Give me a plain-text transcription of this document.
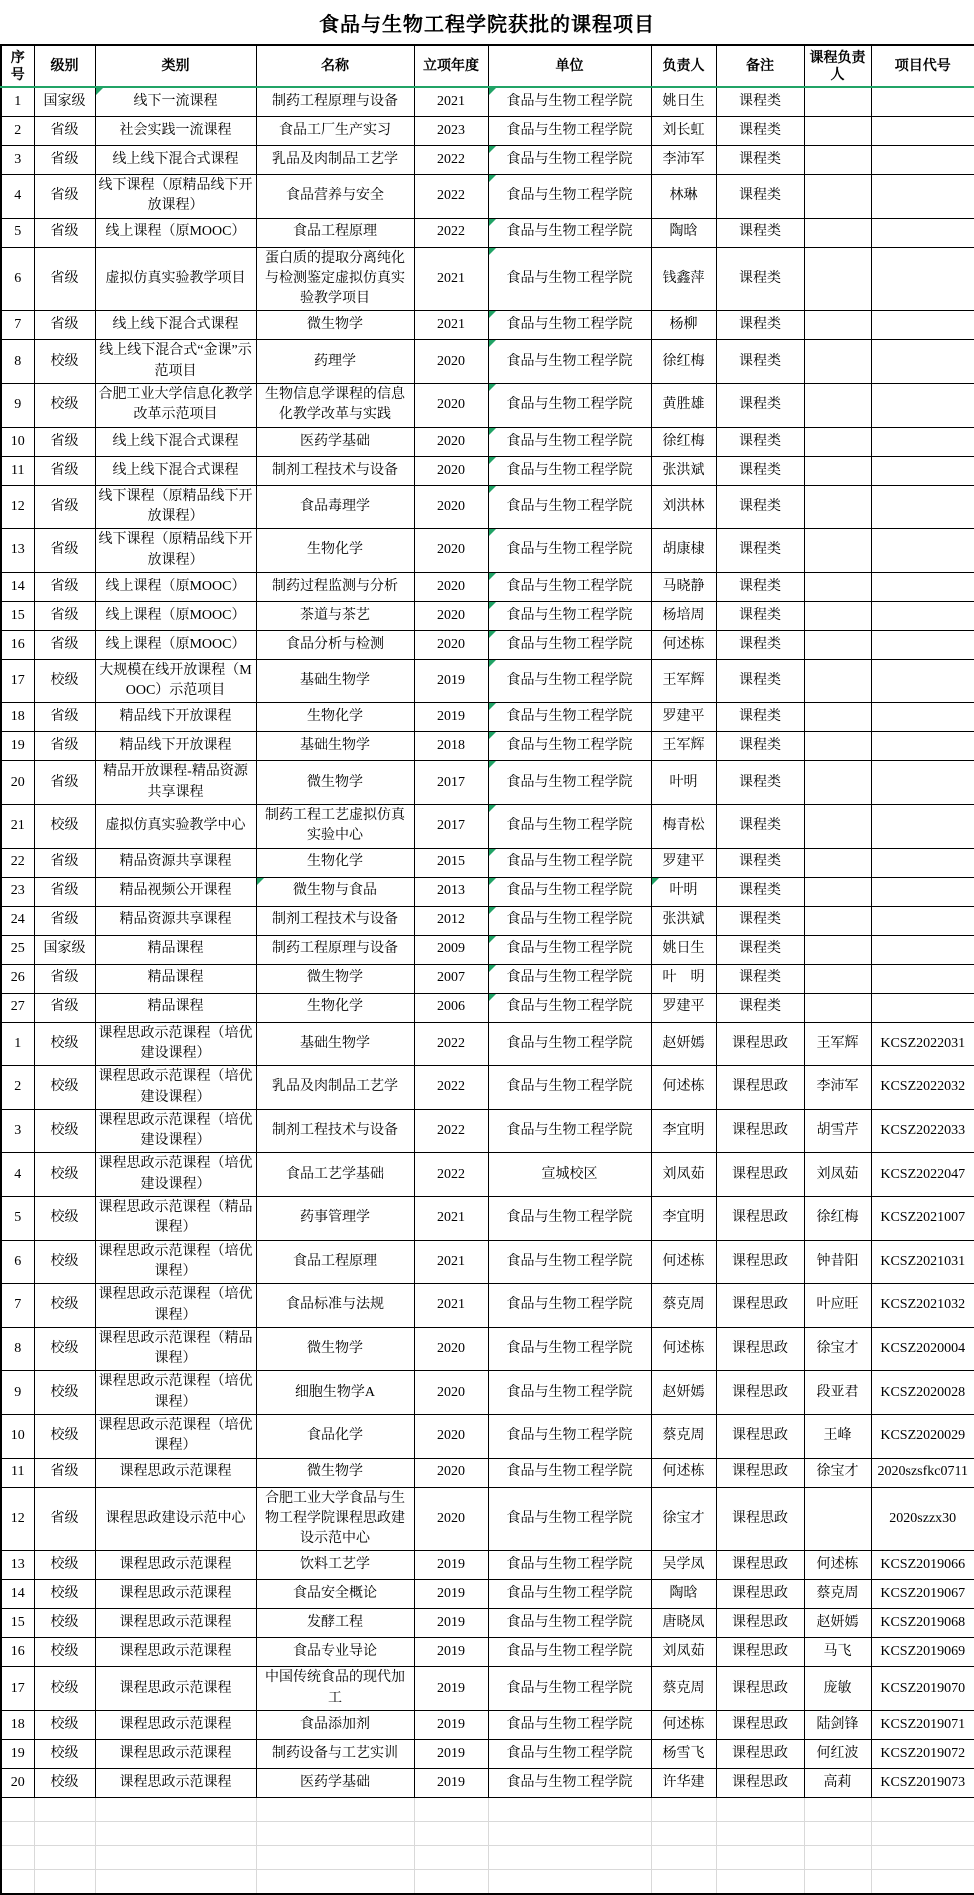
食品与生物工程学院获批的课程项目
序号	级别	类别	名称	立项年度	单位	负责人	备注	课程负责人	项目代号
1	国家级	线下一流课程	制药工程原理与设备	2021	食品与生物工程学院	姚日生	课程类		
2	省级	社会实践一流课程	食品工厂生产实习	2023	食品与生物工程学院	刘长虹	课程类		
3	省级	线上线下混合式课程	乳品及肉制品工艺学	2022	食品与生物工程学院	李沛军	课程类		
4	省级	线下课程（原精品线下开放课程）	食品营养与安全	2022	食品与生物工程学院	林琳	课程类		
5	省级	线上课程（原MOOC）	食品工程原理	2022	食品与生物工程学院	陶晗	课程类		
6	省级	虚拟仿真实验教学项目	蛋白质的提取分离纯化与检测鉴定虚拟仿真实验教学项目	2021	食品与生物工程学院	钱鑫萍	课程类		
7	省级	线上线下混合式课程	微生物学	2021	食品与生物工程学院	杨柳	课程类		
8	校级	线上线下混合式“金课”示范项目	药理学	2020	食品与生物工程学院	徐红梅	课程类		
9	校级	合肥工业大学信息化教学改革示范项目	生物信息学课程的信息化教学改革与实践	2020	食品与生物工程学院	黄胜雄	课程类		
10	省级	线上线下混合式课程	医药学基础	2020	食品与生物工程学院	徐红梅	课程类		
11	省级	线上线下混合式课程	制剂工程技术与设备	2020	食品与生物工程学院	张洪斌	课程类		
12	省级	线下课程（原精品线下开放课程）	食品毒理学	2020	食品与生物工程学院	刘洪林	课程类		
13	省级	线下课程（原精品线下开放课程）	生物化学	2020	食品与生物工程学院	胡康棣	课程类		
14	省级	线上课程（原MOOC）	制药过程监测与分析	2020	食品与生物工程学院	马晓静	课程类		
15	省级	线上课程（原MOOC）	茶道与茶艺	2020	食品与生物工程学院	杨培周	课程类		
16	省级	线上课程（原MOOC）	食品分析与检测	2020	食品与生物工程学院	何述栋	课程类		
17	校级	大规模在线开放课程（MOOC）示范项目	基础生物学	2019	食品与生物工程学院	王军辉	课程类		
18	省级	精品线下开放课程	生物化学	2019	食品与生物工程学院	罗建平	课程类		
19	省级	精品线下开放课程	基础生物学	2018	食品与生物工程学院	王军辉	课程类		
20	省级	精品开放课程-精品资源共享课程	微生物学	2017	食品与生物工程学院	叶明	课程类		
21	校级	虚拟仿真实验教学中心	制药工程工艺虚拟仿真实验中心	2017	食品与生物工程学院	梅青松	课程类		
22	省级	精品资源共享课程	生物化学	2015	食品与生物工程学院	罗建平	课程类		
23	省级	精品视频公开课程	微生物与食品	2013	食品与生物工程学院	叶明	课程类		
24	省级	精品资源共享课程	制剂工程技术与设备	2012	食品与生物工程学院	张洪斌	课程类		
25	国家级	精品课程	制药工程原理与设备	2009	食品与生物工程学院	姚日生	课程类		
26	省级	精品课程	微生物学	2007	食品与生物工程学院	叶　明	课程类		
27	省级	精品课程	生物化学	2006	食品与生物工程学院	罗建平	课程类		
1	校级	课程思政示范课程（培优建设课程）	基础生物学	2022	食品与生物工程学院	赵妍嫣	课程思政	王军辉	KCSZ2022031
2	校级	课程思政示范课程（培优建设课程）	乳品及肉制品工艺学	2022	食品与生物工程学院	何述栋	课程思政	李沛军	KCSZ2022032
3	校级	课程思政示范课程（培优建设课程）	制剂工程技术与设备	2022	食品与生物工程学院	李宜明	课程思政	胡雪芹	KCSZ2022033
4	校级	课程思政示范课程（培优建设课程）	食品工艺学基础	2022	宣城校区	刘凤茹	课程思政	刘凤茹	KCSZ2022047
5	校级	课程思政示范课程（精品课程）	药事管理学	2021	食品与生物工程学院	李宜明	课程思政	徐红梅	KCSZ2021007
6	校级	课程思政示范课程（培优课程）	食品工程原理	2021	食品与生物工程学院	何述栋	课程思政	钟昔阳	KCSZ2021031
7	校级	课程思政示范课程（培优课程）	食品标准与法规	2021	食品与生物工程学院	蔡克周	课程思政	叶应旺	KCSZ2021032
8	校级	课程思政示范课程（精品课程）	微生物学	2020	食品与生物工程学院	何述栋	课程思政	徐宝才	KCSZ2020004
9	校级	课程思政示范课程（培优课程）	细胞生物学A	2020	食品与生物工程学院	赵妍嫣	课程思政	段亚君	KCSZ2020028
10	校级	课程思政示范课程（培优课程）	食品化学	2020	食品与生物工程学院	蔡克周	课程思政	王峰	KCSZ2020029
11	省级	课程思政示范课程	微生物学	2020	食品与生物工程学院	何述栋	课程思政	徐宝才	2020szsfkc0711
12	省级	课程思政建设示范中心	合肥工业大学食品与生物工程学院课程思政建设示范中心	2020	食品与生物工程学院	徐宝才	课程思政		2020szzx30
13	校级	课程思政示范课程	饮料工艺学	2019	食品与生物工程学院	吴学凤	课程思政	何述栋	KCSZ2019066
14	校级	课程思政示范课程	食品安全概论	2019	食品与生物工程学院	陶晗	课程思政	蔡克周	KCSZ2019067
15	校级	课程思政示范课程	发酵工程	2019	食品与生物工程学院	唐晓凤	课程思政	赵妍嫣	KCSZ2019068
16	校级	课程思政示范课程	食品专业导论	2019	食品与生物工程学院	刘凤茹	课程思政	马飞	KCSZ2019069
17	校级	课程思政示范课程	中国传统食品的现代加工	2019	食品与生物工程学院	蔡克周	课程思政	庞敏	KCSZ2019070
18	校级	课程思政示范课程	食品添加剂	2019	食品与生物工程学院	何述栋	课程思政	陆剑锋	KCSZ2019071
19	校级	课程思政示范课程	制药设备与工艺实训	2019	食品与生物工程学院	杨雪飞	课程思政	何红波	KCSZ2019072
20	校级	课程思政示范课程	医药学基础	2019	食品与生物工程学院	许华建	课程思政	高莉	KCSZ2019073
